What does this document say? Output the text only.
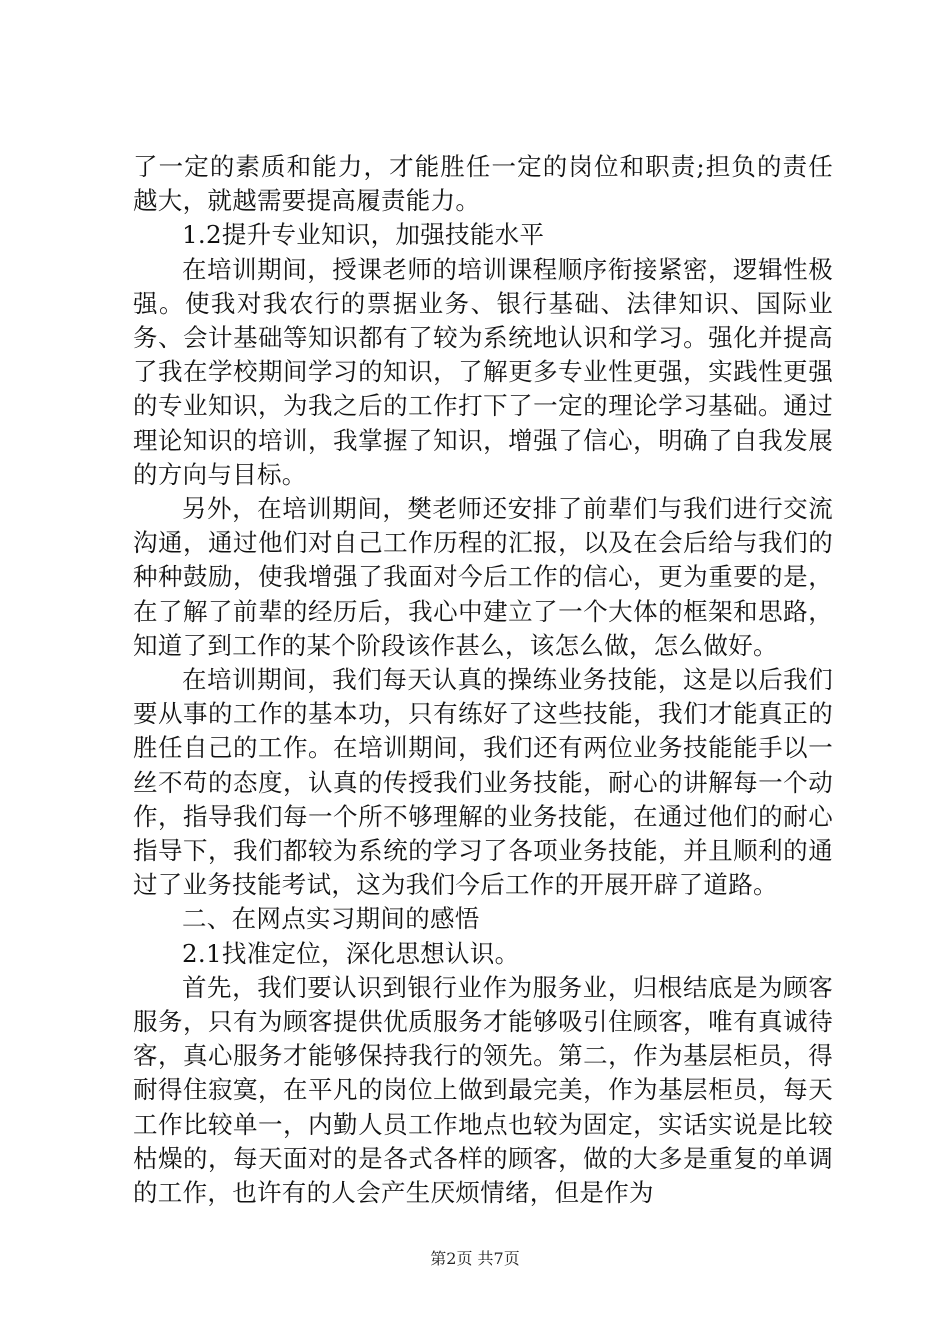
了一定的素质和能力，才能胜任一定的岗位和职责;担负的责任越大，就越需要提高履责能力。

1.2提升专业知识，加强技能水平

在培训期间，授课老师的培训课程顺序衔接紧密，逻辑性极强。使我对我农行的票据业务、银行基础、法律知识、国际业务、会计基础等知识都有了较为系统地认识和学习。强化并提高了我在学校期间学习的知识，了解更多专业性更强，实践性更强的专业知识，为我之后的工作打下了一定的理论学习基础。通过理论知识的培训，我掌握了知识，增强了信心，明确了自我发展的方向与目标。

另外，在培训期间，樊老师还安排了前辈们与我们进行交流沟通，通过他们对自己工作历程的汇报，以及在会后给与我们的种种鼓励，使我增强了我面对今后工作的信心，更为重要的是，在了解了前辈的经历后，我心中建立了一个大体的框架和思路，知道了到工作的某个阶段该作甚么，该怎么做，怎么做好。

在培训期间，我们每天认真的操练业务技能，这是以后我们要从事的工作的基本功，只有练好了这些技能，我们才能真正的胜任自己的工作。在培训期间，我们还有两位业务技能能手以一丝不苟的态度，认真的传授我们业务技能，耐心的讲解每一个动作，指导我们每一个所不够理解的业务技能，在通过他们的耐心指导下，我们都较为系统的学习了各项业务技能，并且顺利的通过了业务技能考试，这为我们今后工作的开展开辟了道路。

二、在网点实习期间的感悟

2.1找准定位，深化思想认识。

首先，我们要认识到银行业作为服务业，归根结底是为顾客服务，只有为顾客提供优质服务才能够吸引住顾客，唯有真诚待客，真心服务才能够保持我行的领先。第二，作为基层柜员，得耐得住寂寞，在平凡的岗位上做到最完美，作为基层柜员，每天工作比较单一，内勤人员工作地点也较为固定，实话实说是比较枯燥的，每天面对的是各式各样的顾客，做的大多是重复的单调的工作，也许有的人会产生厌烦情绪，但是作为

第2页 共7页
